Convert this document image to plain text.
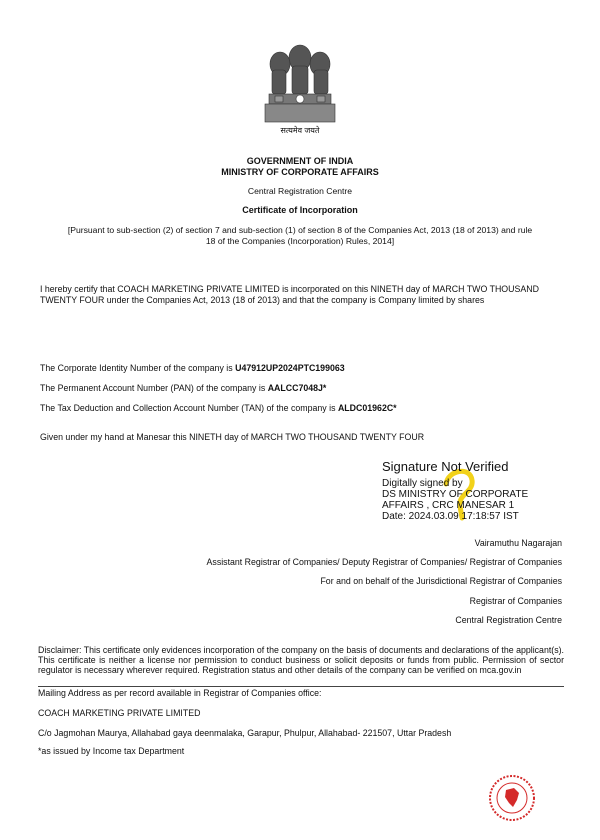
सत्यमेव जयते
GOVERNMENT OF INDIA
MINISTRY OF CORPORATE AFFAIRS
Central Registration Centre
Certificate of Incorporation
[Pursuant to sub-section (2) of section 7 and sub-section (1) of section 8 of the Companies Act, 2013 (18 of 2013) and rule
18 of the Companies (Incorporation) Rules, 2014]
I hereby certify that COACH MARKETING PRIVATE LIMITED is incorporated on this NINETH day of MARCH TWO THOUSAND TWENTY FOUR under the Companies Act, 2013 (18 of 2013) and that the company is Company limited by shares
The Corporate Identity Number of the company is U47912UP2024PTC199063
The Permanent Account Number (PAN) of the company is AALCC7048J*
The Tax Deduction and Collection Account Number (TAN) of the company is ALDC01962C*
Given under my hand at Manesar this NINETH day of MARCH TWO THOUSAND TWENTY FOUR
Signature Not Verified
Digitally signed by
DS MINISTRY OF CORPORATE
AFFAIRS , CRC MANESAR 1
Date: 2024.03.09 17:18:57 IST
Vairamuthu Nagarajan
Assistant Registrar of Companies/ Deputy Registrar of Companies/ Registrar of Companies
For and on behalf of the Jurisdictional Registrar of Companies
Registrar of Companies
Central Registration Centre
Disclaimer: This certificate only evidences incorporation of the company on the basis of documents and declarations of the applicant(s). This certificate is neither a license nor permission to conduct business or solicit deposits or funds from public. Permission of sector regulator is necessary wherever required. Registration status and other details of the company can be verified on mca.gov.in
Mailing Address as per record available in Registrar of Companies office:
COACH MARKETING PRIVATE LIMITED
C/o Jagmohan Maurya, Allahabad gaya deenmalaka, Garapur, Phulpur, Allahabad- 221507, Uttar Pradesh
*as issued by Income tax Department
